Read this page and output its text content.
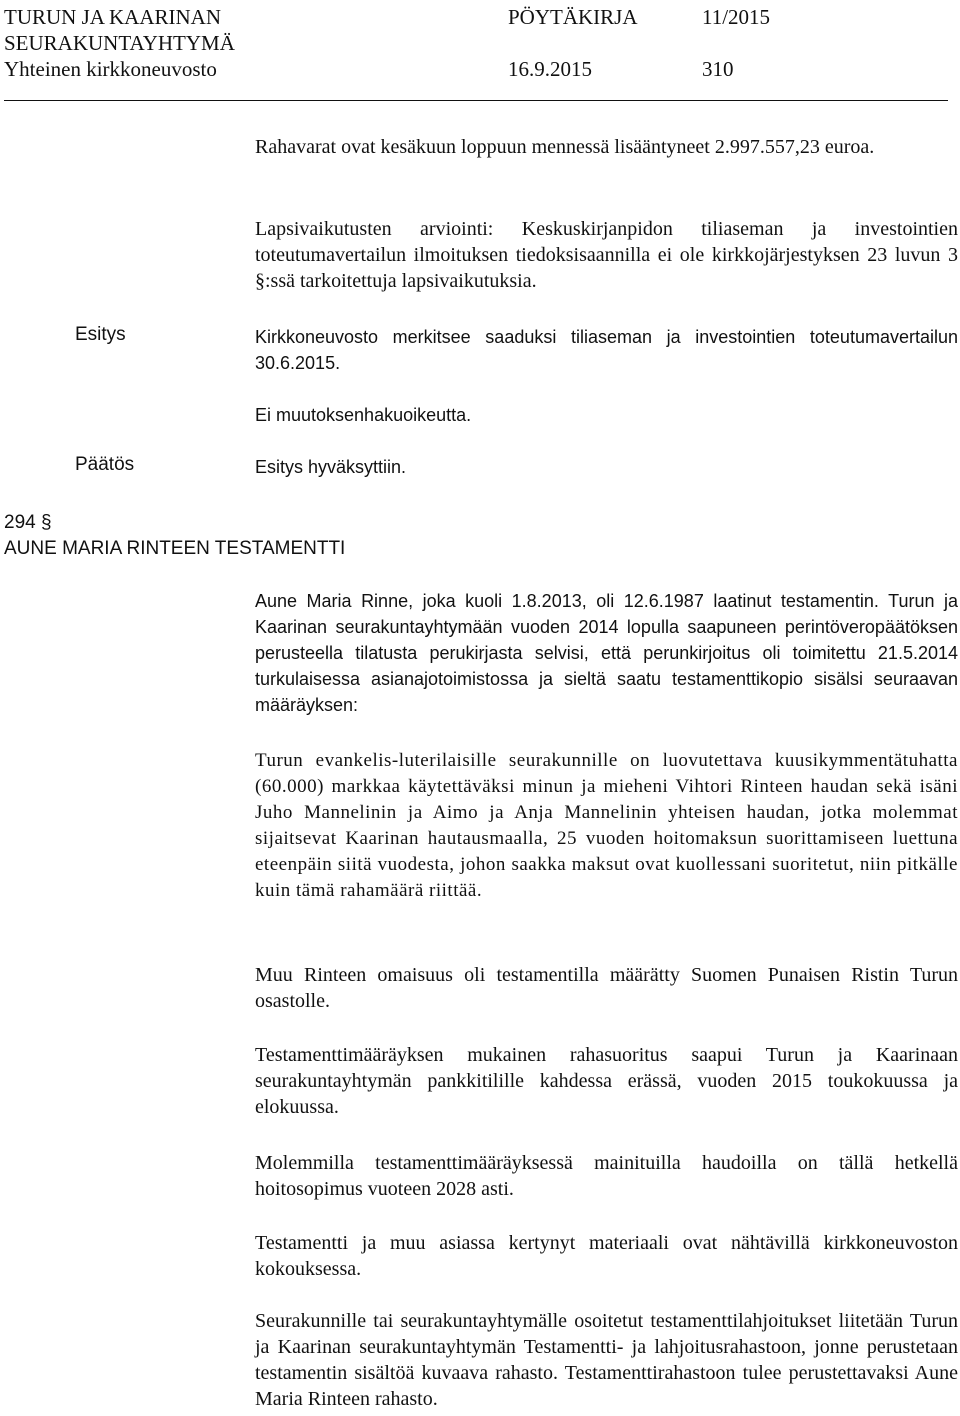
TURUN JA KAARINAN	PÖYTÄKIRJA	11/2015
SEURAKUNTAYHTYMÄ
Yhteinen kirkkoneuvosto	16.9.2015	310

Rahavarat ovat kesäkuun loppuun mennessä lisääntyneet 2.997.557,23 euroa.

Lapsivaikutusten arviointi: Keskuskirjanpidon tiliaseman ja investointien toteutumavertailun ilmoituksen tiedoksisaannilla ei ole kirkkojärjestyksen 23 luvun 3 §:ssä tarkoitettuja lapsivaikutuksia.

Esitys	Kirkkoneuvosto merkitsee saaduksi tiliaseman ja investointien toteutumavertailun 30.6.2015.

Ei muutoksenhakuoikeutta.

Päätös	Esitys hyväksyttiin.

294 §
AUNE MARIA RINTEEN TESTAMENTTI

Aune Maria Rinne, joka kuoli 1.8.2013, oli 12.6.1987 laatinut testamentin. Turun ja Kaarinan seurakuntayhtymään vuoden 2014 lopulla saapuneen perintöveropäätöksen perusteella tilatusta perukirjasta selvisi, että perunkirjoitus oli toimitettu 21.5.2014 turkulaisessa asianajotoimistossa ja sieltä saatu testamenttikopio sisälsi seuraavan määräyksen:

Turun evankelis-luterilaisille seurakunnille on luovutettava kuusikymmentätuhatta (60.000) markkaa käytettäväksi minun ja mieheni Vihtori Rinteen haudan sekä isäni Juho Mannelinin ja Aimo ja Anja Mannelinin yhteisen haudan, jotka molemmat sijaitsevat Kaarinan hautausmaalla, 25 vuoden hoitomaksun suorittamiseen luettuna eteenpäin siitä vuodesta, johon saakka maksut ovat kuollessani suoritetut, niin pitkälle kuin tämä rahamäärä riittää.

Muu Rinteen omaisuus oli testamentilla määrätty Suomen Punaisen Ristin Turun osastolle.

Testamenttimääräyksen mukainen rahasuoritus saapui Turun ja Kaarinaan seurakuntayhtymän pankkitilille kahdessa erässä, vuoden 2015 toukokuussa ja elokuussa.

Molemmilla testamenttimääräyksessä mainituilla haudoilla on tällä hetkellä hoitosopimus vuoteen 2028 asti.

Testamentti ja muu asiassa kertynyt materiaali ovat nähtävillä kirkkoneuvoston kokouksessa.

Seurakunnille tai seurakuntayhtymälle osoitetut testamenttilahjoitukset liitetään Turun ja Kaarinan seurakuntayhtymän Testamentti- ja lahjoitusrahastoon, jonne perustetaan testamentin sisältöä kuvaava rahasto. Testamenttirahastoon tulee perustettavaksi Aune Maria Rinteen rahasto.
